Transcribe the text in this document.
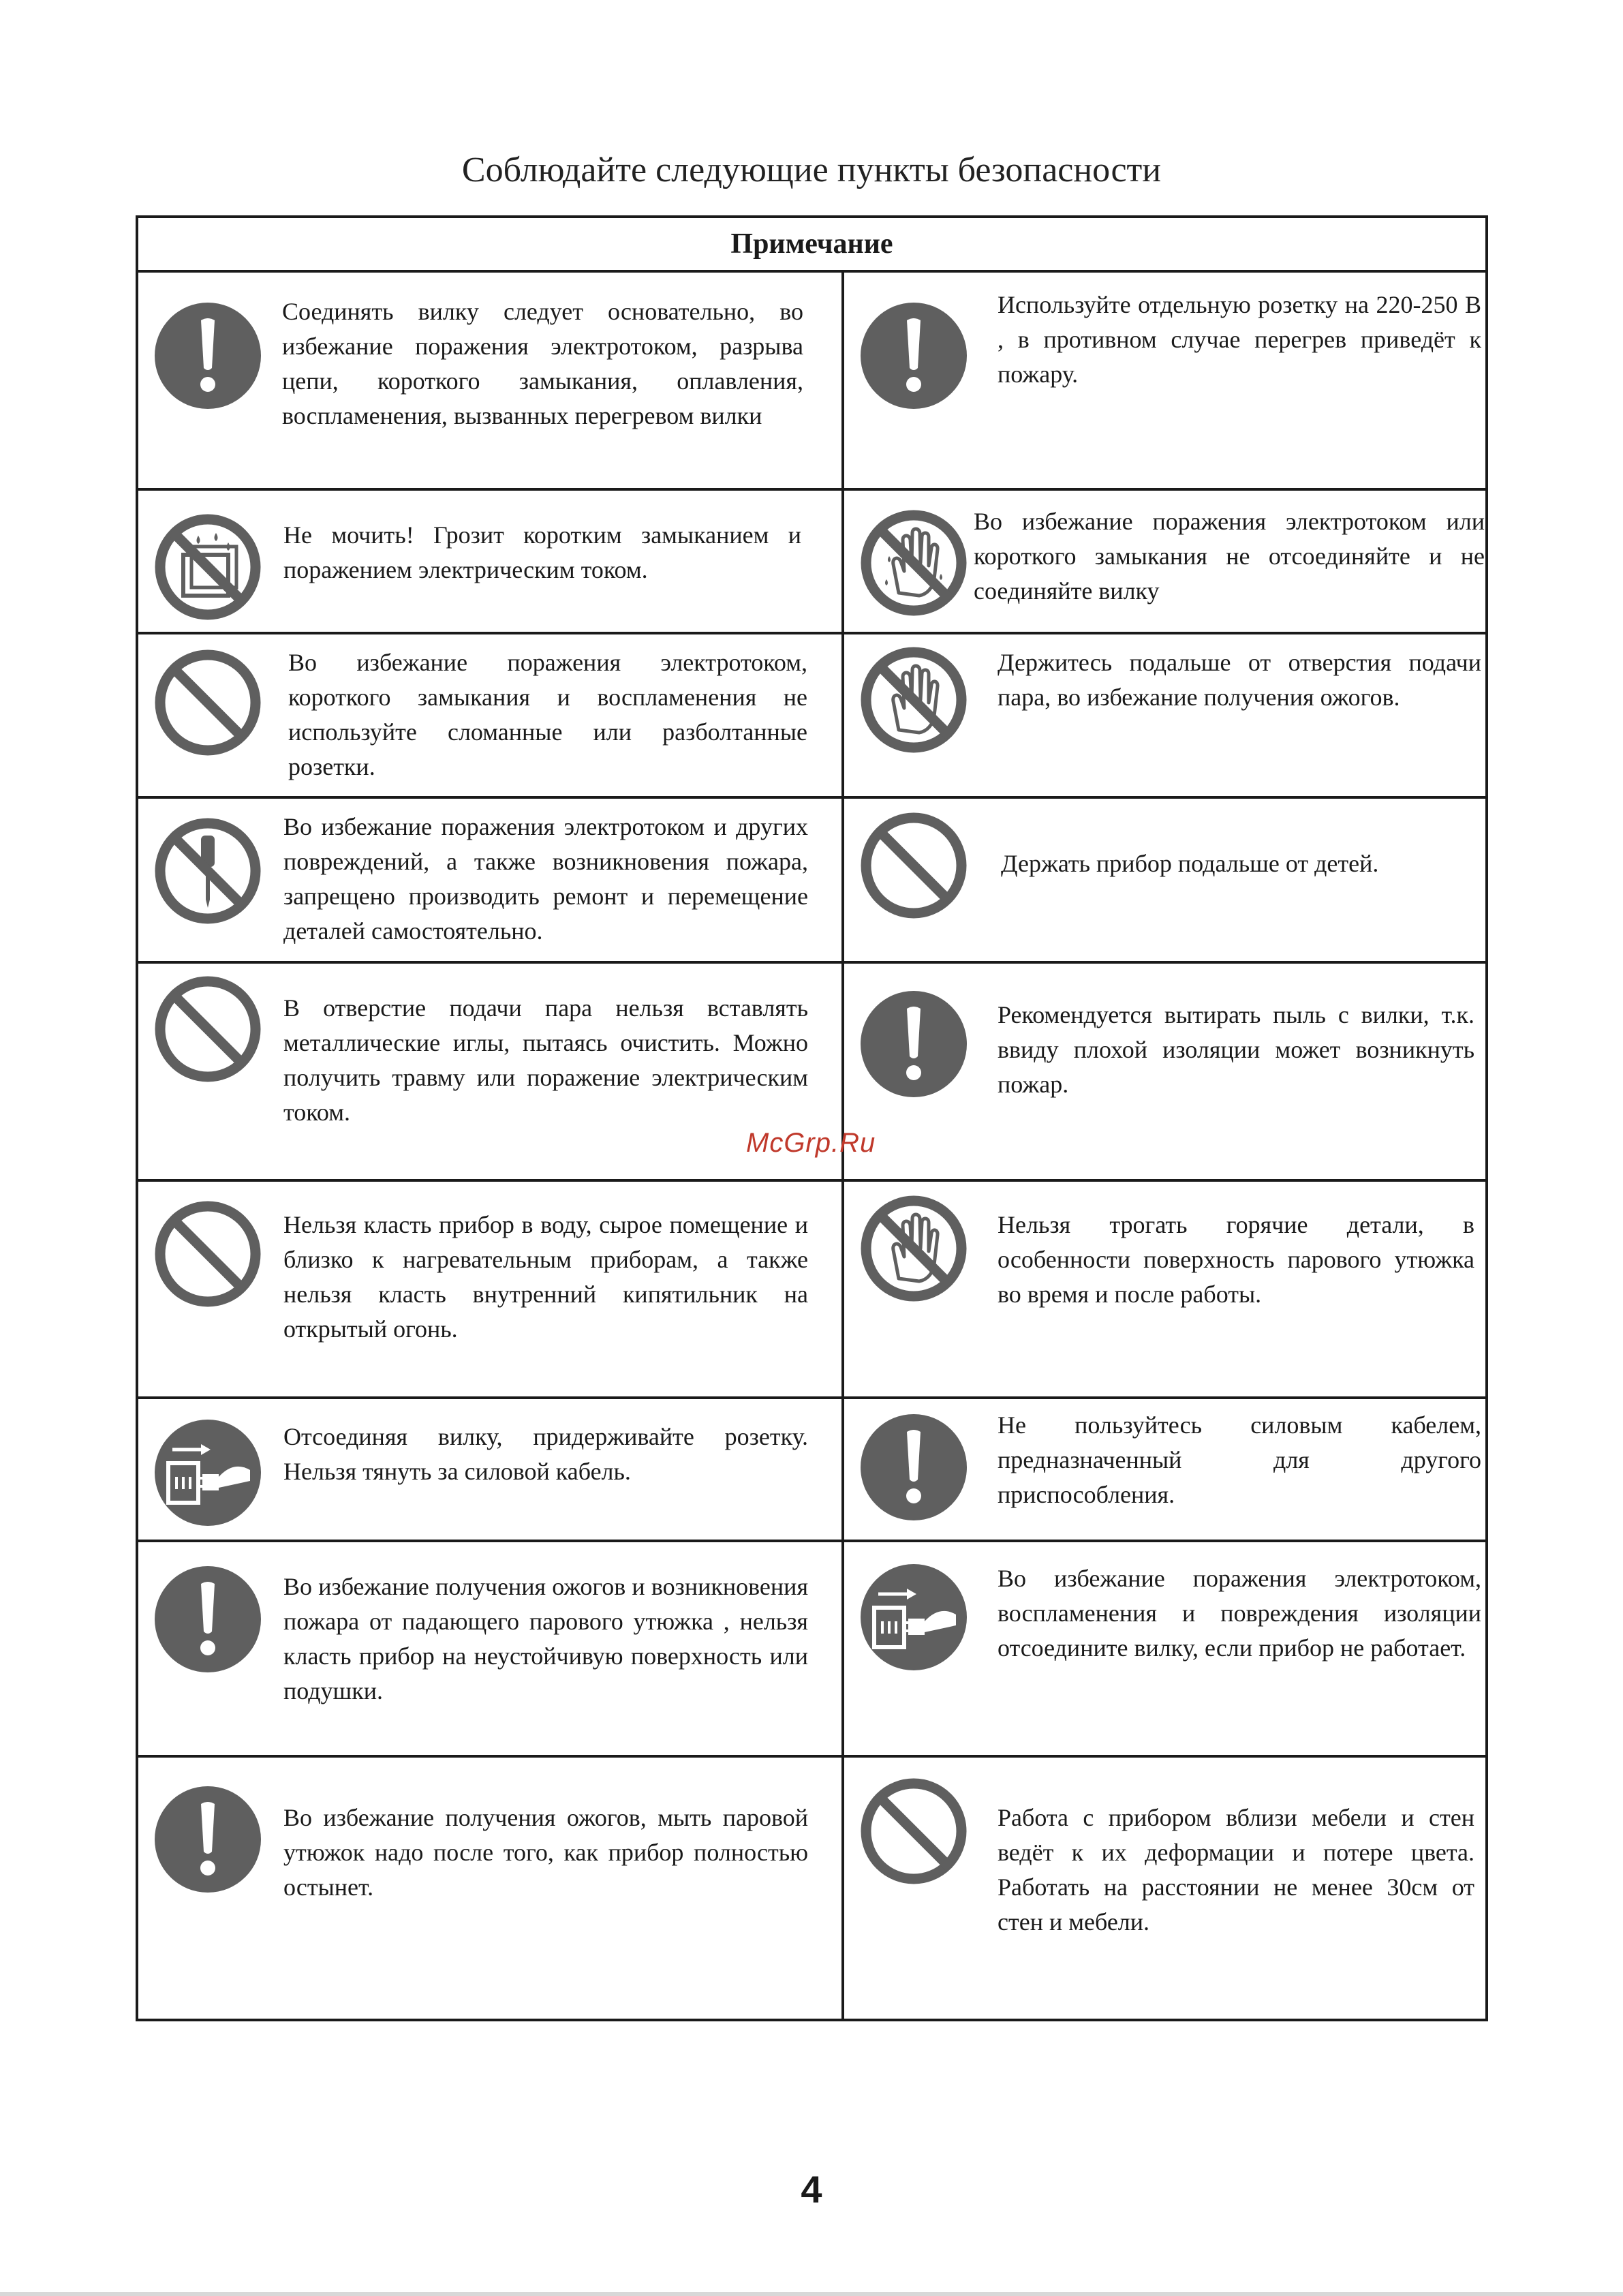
Соблюдайте следующие пункты безопасности
Примечание
Соединять вилку следует основательно, во избежание поражения электротоком, разрыва цепи, короткого замыкания, оплавления, воспламенения, вызванных перегревом вилки
Используйте отдельную розетку на 220-250 В , в противном случае перегрев приведёт к пожару.
Не мочить! Грозит коротким замыканием и поражением электрическим током.
Во избежание поражения электротоком или короткого замыкания не отсоединяйте и не соединяйте вилку
Во избежание поражения электротоком, короткого замыкания и воспламенения не используйте сломанные или разболтанные розетки.
Держитесь подальше от отверстия подачи пара, во избежание получения ожогов.
Во избежание поражения электротоком и других повреждений, а также возникновения пожара, запрещено производить ремонт и перемещение деталей самостоятельно.
Держать прибор подальше от детей.
В отверстие подачи пара нельзя вставлять металлические иглы, пытаясь очистить. Можно получить травму или поражение электрическим током.
Рекомендуется вытирать пыль с вилки, т.к. ввиду плохой изоляции может возникнуть пожар.
Нельзя класть прибор в воду, сырое помещение и близко к нагревательным приборам, а также нельзя класть внутренний кипятильник на открытый огонь.
Нельзя трогать горячие детали, в особенности поверхность парового утюжка во время и после работы.
Отсоединяя вилку, придерживайте розетку. Нельзя тянуть за силовой кабель.
Не пользуйтесь силовым кабелем, предназначенный для другого приспособления.
Во избежание получения ожогов и возникновения пожара от падающего парового утюжка , нельзя класть прибор на неустойчивую поверхность или подушки.
Во избежание поражения электротоком, воспламенения и повреждения изоляции отсоедините вилку, если прибор не работает.
Во избежание получения ожогов, мыть паровой утюжок надо после того, как прибор полностью остынет.
Работа с прибором вблизи мебели и стен ведёт к их деформации и потере цвета. Работать на расстоянии не менее 30см от стен и мебели.
McGrp.Ru
4
